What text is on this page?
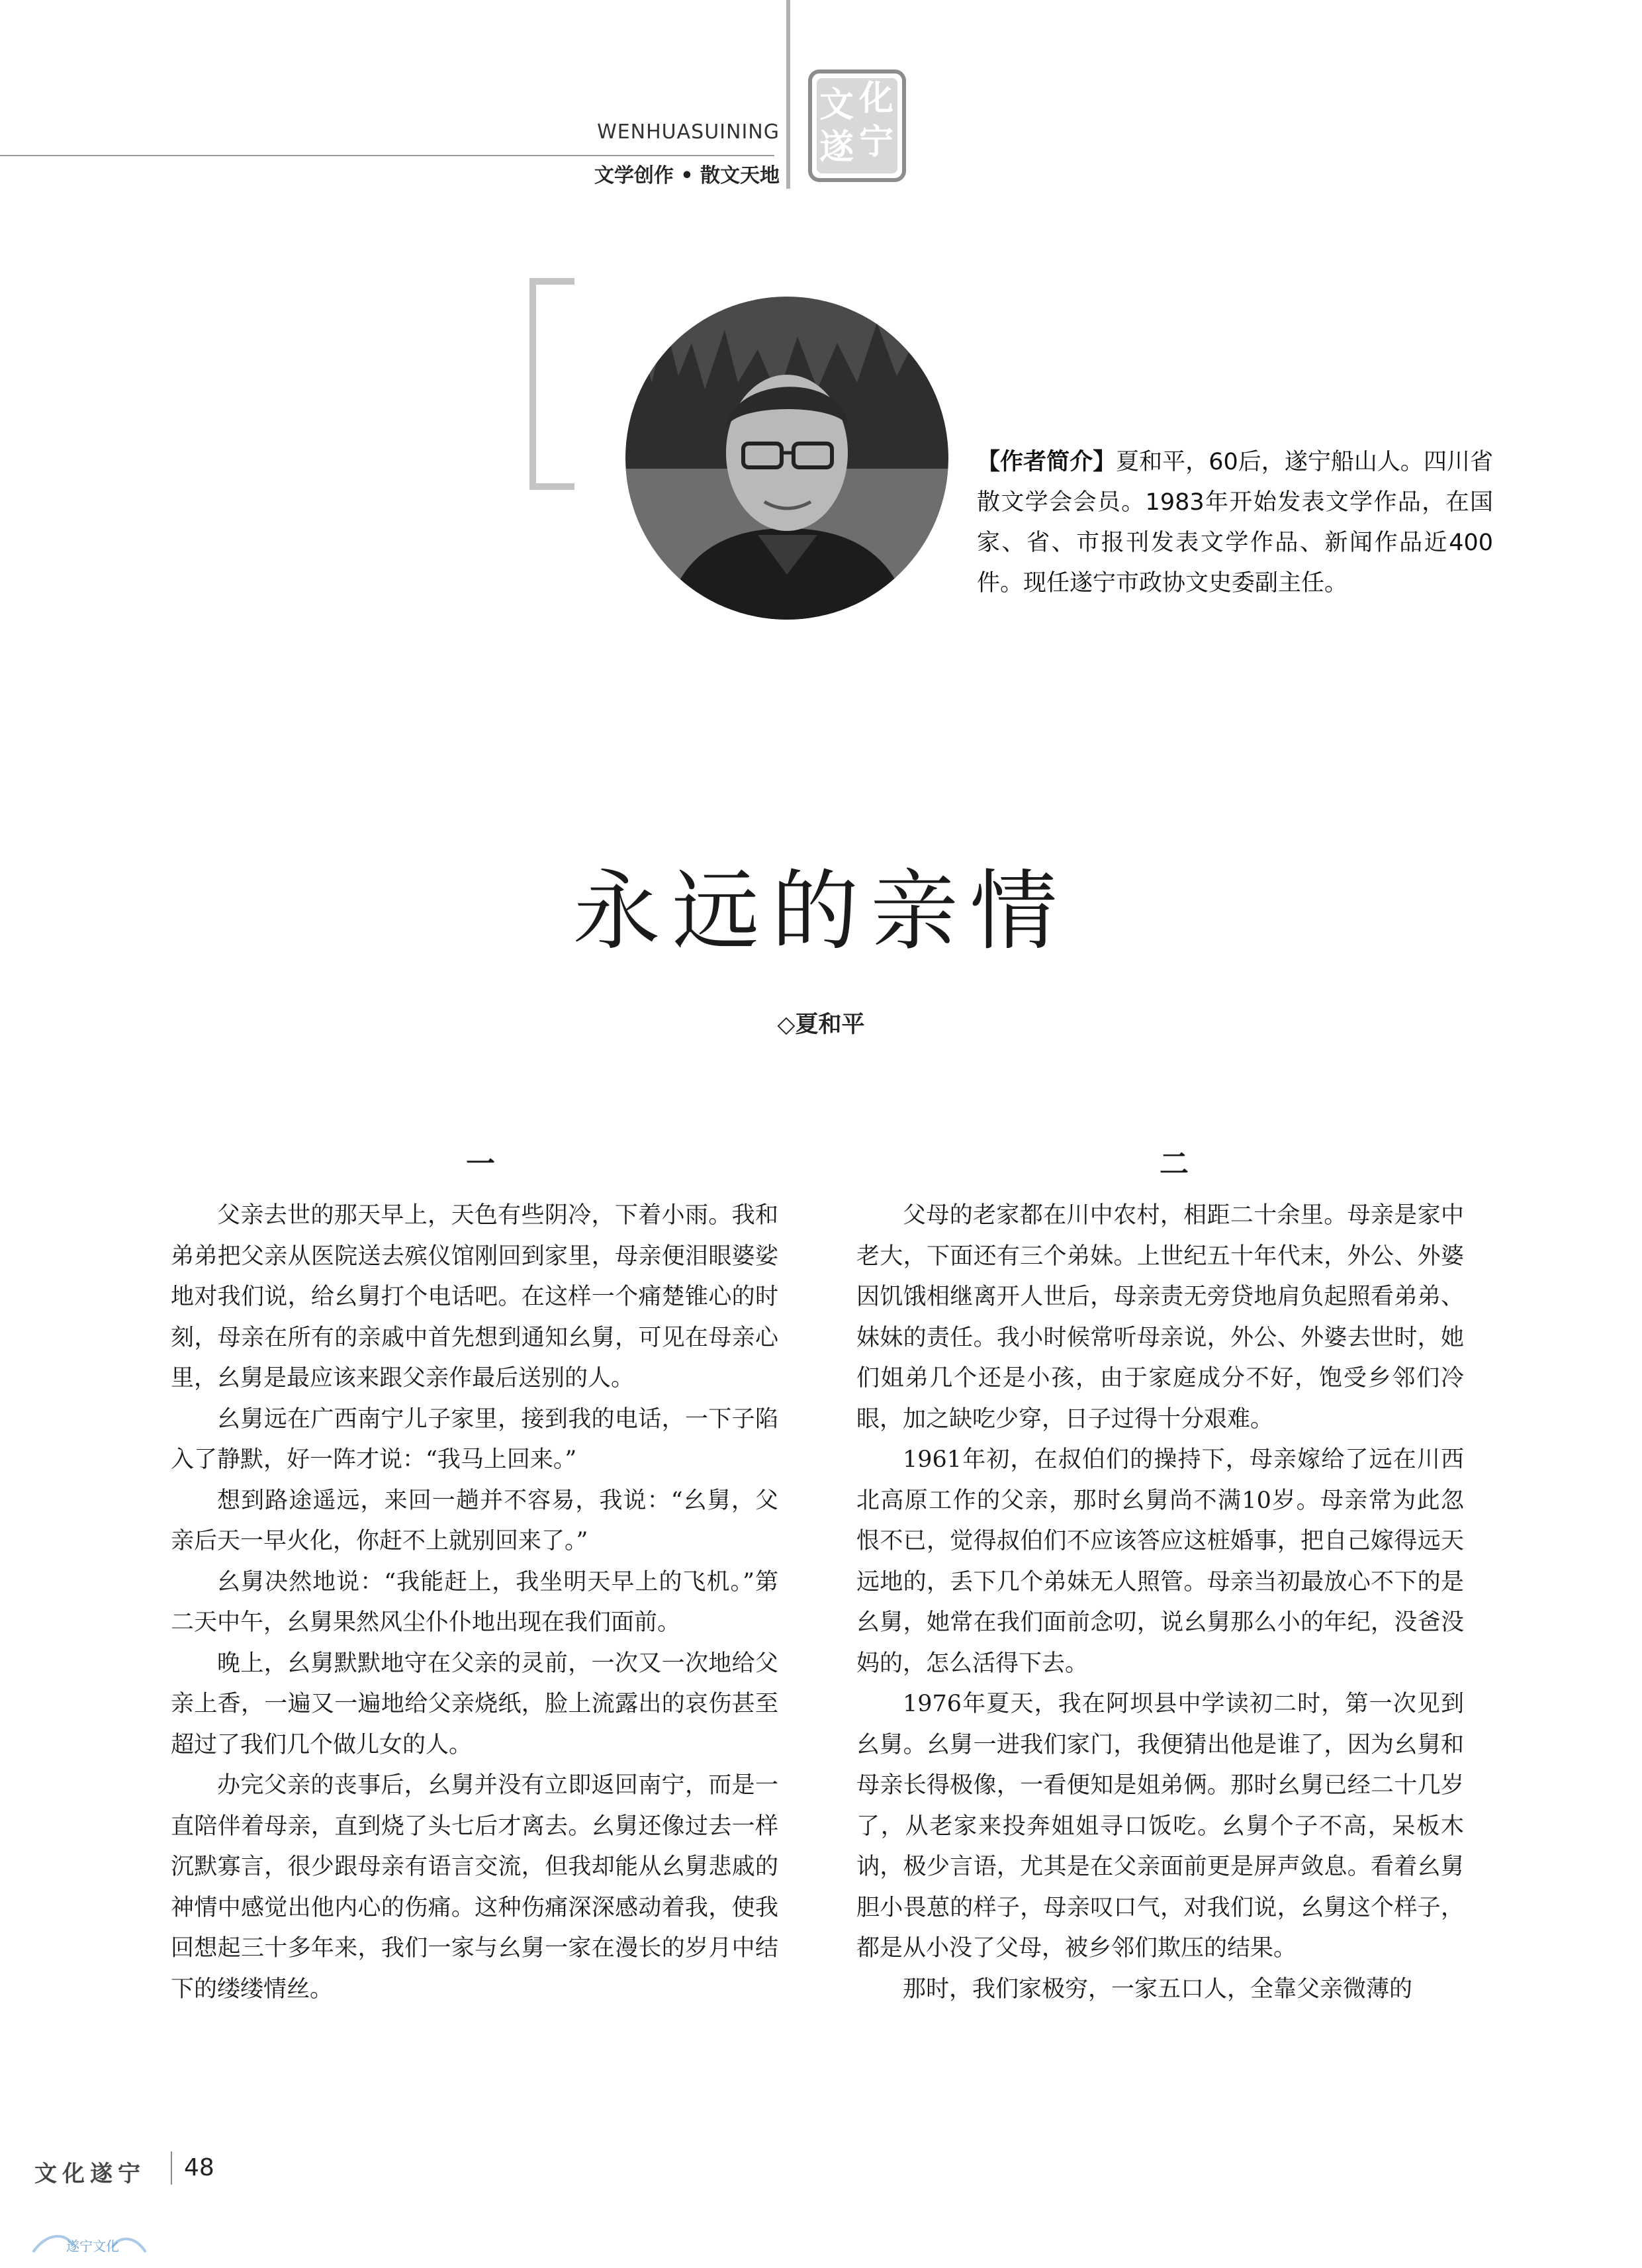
WENHUASUINING
文学创作 • 散文天地
文 化
遂 宁
【作者简介】夏和平，60后，遂宁船山人。四川省散文学会会员。1983年开始发表文学作品，在国家、省、市报刊发表文学作品、新闻作品近400件。现任遂宁市政协文史委副主任。
永远的亲情
◇夏和平
一	二

父亲去世的那天早上，天色有些阴冷，下着小雨。我和弟弟把父亲从医院送去殡仪馆刚回到家里，母亲便泪眼婆娑地对我们说，给幺舅打个电话吧。在这样一个痛楚锥心的时刻，母亲在所有的亲戚中首先想到通知幺舅，可见在母亲心里，幺舅是最应该来跟父亲作最后送别的人。

幺舅远在广西南宁儿子家里，接到我的电话，一下子陷入了静默，好一阵才说：“我马上回来。”

想到路途遥远，来回一趟并不容易，我说：“幺舅，父亲后天一早火化，你赶不上就别回来了。”

幺舅决然地说：“我能赶上，我坐明天早上的飞机。”第二天中午，幺舅果然风尘仆仆地出现在我们面前。

晚上，幺舅默默地守在父亲的灵前，一次又一次地给父亲上香，一遍又一遍地给父亲烧纸，脸上流露出的哀伤甚至超过了我们几个做儿女的人。

办完父亲的丧事后，幺舅并没有立即返回南宁，而是一直陪伴着母亲，直到烧了头七后才离去。幺舅还像过去一样沉默寡言，很少跟母亲有语言交流，但我却能从幺舅悲戚的神情中感觉出他内心的伤痛。这种伤痛深深感动着我，使我回想起三十多年来，我们一家与幺舅一家在漫长的岁月中结下的缕缕情丝。

父母的老家都在川中农村，相距二十余里。母亲是家中老大，下面还有三个弟妹。上世纪五十年代末，外公、外婆因饥饿相继离开人世后，母亲责无旁贷地肩负起照看弟弟、妹妹的责任。我小时候常听母亲说，外公、外婆去世时，她们姐弟几个还是小孩，由于家庭成分不好，饱受乡邻们冷眼，加之缺吃少穿，日子过得十分艰难。

1961年初，在叔伯们的操持下，母亲嫁给了远在川西北高原工作的父亲，那时幺舅尚不满10岁。母亲常为此忽恨不已，觉得叔伯们不应该答应这桩婚事，把自己嫁得远天远地的，丢下几个弟妹无人照管。母亲当初最放心不下的是幺舅，她常在我们面前念叨，说幺舅那么小的年纪，没爸没妈的，怎么活得下去。

1976年夏天，我在阿坝县中学读初二时，第一次见到幺舅。幺舅一进我们家门，我便猜出他是谁了，因为幺舅和母亲长得极像，一看便知是姐弟俩。那时幺舅已经二十几岁了，从老家来投奔姐姐寻口饭吃。幺舅个子不高，呆板木讷，极少言语，尤其是在父亲面前更是屏声敛息。看着幺舅胆小畏葸的样子，母亲叹口气，对我们说，幺舅这个样子，都是从小没了父母，被乡邻们欺压的结果。

那时，我们家极穷，一家五口人，全靠父亲微薄的

文化遂宁 48
遂宁文化
